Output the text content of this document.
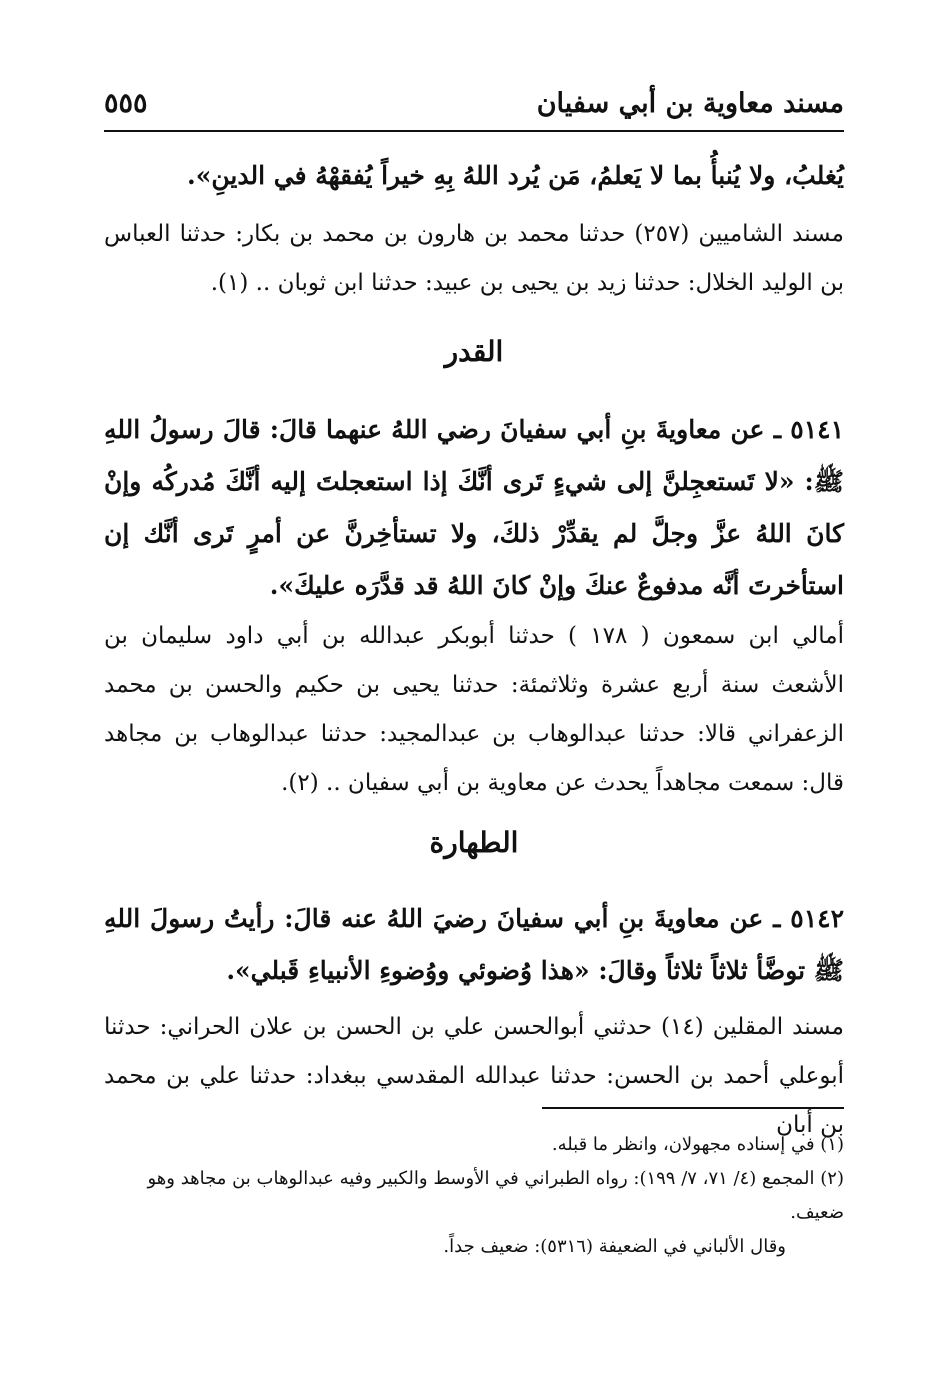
مسند معاوية بن أبي سفيان
٥٥٥
يُغلبُ، ولا يُنبأُ بما لا يَعلمُ، مَن يُرد اللهُ بِهِ خيراً يُفقهْهُ في الدينِ».
مسند الشاميين (٢٥٧) حدثنا محمد بن هارون بن محمد بن بكار: حدثنا العباس بن الوليد الخلال: حدثنا زيد بن يحيى بن عبيد: حدثنا ابن ثوبان .. (١).
القدر
٥١٤١ ـ عن معاويةَ بنِ أبي سفيانَ رضي اللهُ عنهما قالَ: قالَ رسولُ اللهِ ﷺ: «لا تَستعجِلنَّ إلى شيءٍ تَرى أنَّكَ إذا استعجلتَ إليه أنَّكَ مُدركُه وإنْ كانَ اللهُ عزَّ وجلَّ لم يقدِّرْ ذلكَ، ولا تستأخِرنَّ عن أمرٍ تَرى أنَّك إن استأخرتَ أنَّه مدفوعٌ عنكَ وإنْ كانَ اللهُ قد قدَّرَه عليكَ».
أمالي ابن سمعون ( ١٧٨ ) حدثنا أبوبكر عبدالله بن أبي داود سليمان بن الأشعث سنة أربع عشرة وثلاثمئة: حدثنا يحيى بن حكيم والحسن بن محمد الزعفراني قالا: حدثنا عبدالوهاب بن عبدالمجيد: حدثنا عبدالوهاب بن مجاهد قال: سمعت مجاهداً يحدث عن معاوية بن أبي سفيان .. (٢).
الطهارة
٥١٤٢ ـ عن معاويةَ بنِ أبي سفيانَ رضيَ اللهُ عنه قالَ: رأيتُ رسولَ اللهِ ﷺ توضَّأ ثلاثاً ثلاثاً وقالَ: «هذا وُضوئي ووُضوءِ الأنبياءِ قَبلي».
مسند المقلين (١٤) حدثني أبوالحسن علي بن الحسن بن علان الحراني: حدثنا أبوعلي أحمد بن الحسن: حدثنا عبدالله المقدسي ببغداد: حدثنا علي بن محمد بن أبان

(١) في إسناده مجهولان، وانظر ما قبله.

(٢) المجمع (٤/ ٧١، ٧/ ١٩٩): رواه الطبراني في الأوسط والكبير وفيه عبدالوهاب بن مجاهد وهو ضعيف.

وقال الألباني في الضعيفة (٥٣١٦): ضعيف جداً.
